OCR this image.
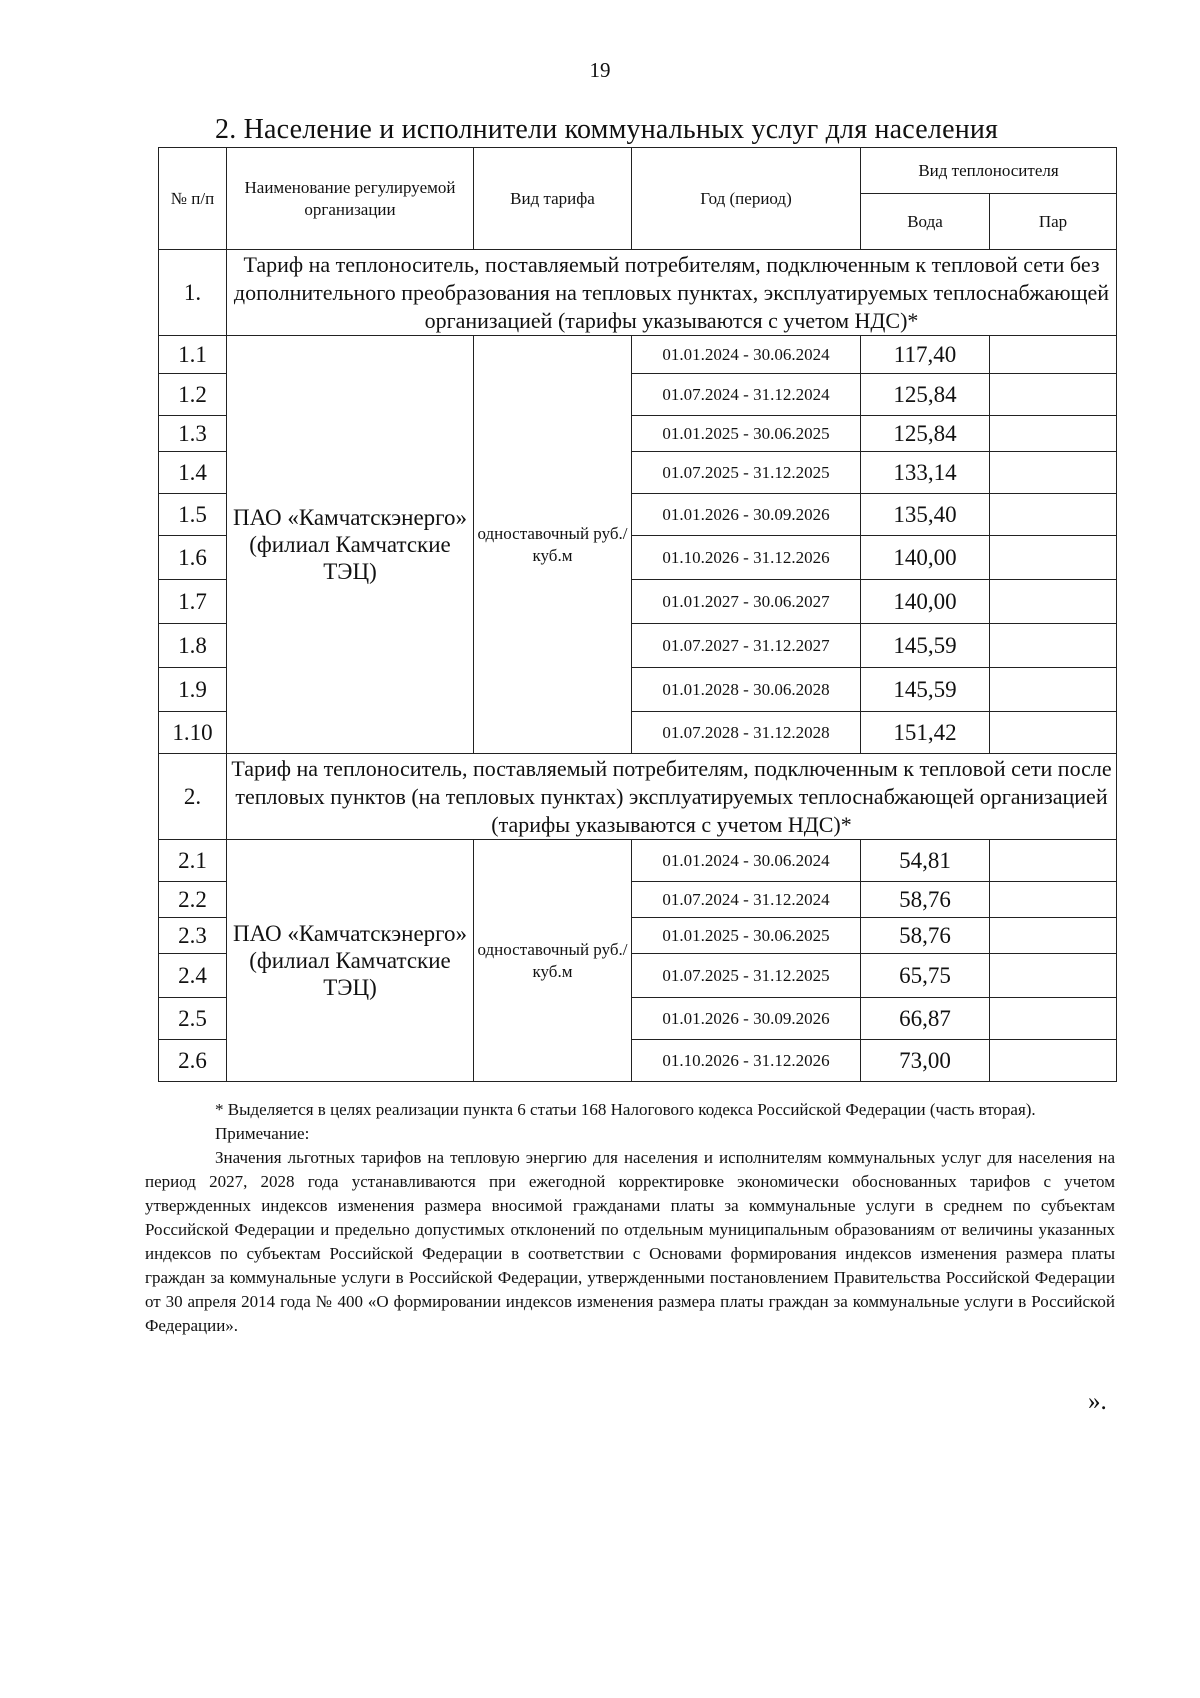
19
2. Население и исполнители коммунальных услуг для населения
№ п/п	Наименование регулируемой организации	Вид тарифа	Год (период)	Вид теплоносителя	
				Вода	Пар
1.	Тариф на теплоноситель, поставляемый потребителям, подключенным к тепловой сети без дополнительного преобразования на тепловых пунктах, эксплуатируемых теплоснабжающей организацией (тарифы указываются с учетом НДС)*				
1.1	ПАО «Камчатскэнерго» (филиал Камчатские ТЭЦ)	одноставочный руб./куб.м	01.01.2024 - 30.06.2024	117,40	
1.2			01.07.2024 - 31.12.2024	125,84	
1.3			01.01.2025 - 30.06.2025	125,84	
1.4			01.07.2025 - 31.12.2025	133,14	
1.5			01.01.2026 - 30.09.2026	135,40	
1.6			01.10.2026 - 31.12.2026	140,00	
1.7			01.01.2027 - 30.06.2027	140,00	
1.8			01.07.2027 - 31.12.2027	145,59	
1.9			01.01.2028 - 30.06.2028	145,59	
1.10			01.07.2028 - 31.12.2028	151,42	
2.	Тариф на теплоноситель, поставляемый потребителям, подключенным к тепловой сети после тепловых пунктов (на тепловых пунктах) эксплуатируемых теплоснабжающей организацией (тарифы указываются с учетом НДС)*				
2.1	ПАО «Камчатскэнерго» (филиал Камчатские ТЭЦ)	одноставочный руб./куб.м	01.01.2024 - 30.06.2024	54,81	
2.2			01.07.2024 - 31.12.2024	58,76	
2.3			01.01.2025 - 30.06.2025	58,76	
2.4			01.07.2025 - 31.12.2025	65,75	
2.5			01.01.2026 - 30.09.2026	66,87	
2.6			01.10.2026 - 31.12.2026	73,00	

* Выделяется в целях реализации пункта 6 статьи 168 Налогового кодекса Российской Федерации (часть вторая).

Примечание:

Значения льготных тарифов на тепловую энергию для населения и исполнителям коммунальных услуг для населения на период 2027, 2028 года устанавливаются при ежегодной корректировке экономически обоснованных тарифов с учетом утвержденных индексов изменения размера вносимой гражданами платы за коммунальные услуги в среднем по субъектам Российской Федерации и предельно допустимых отклонений по отдельным муниципальным образованиям от величины указанных индексов по субъектам Российской Федерации в соответствии с Основами формирования индексов изменения размера платы граждан за коммунальные услуги в Российской Федерации, утвержденными постановлением Правительства Российской Федерации от 30 апреля 2014 года № 400 «О формировании индексов изменения размера платы граждан за коммунальные услуги в Российской Федерации».

».
